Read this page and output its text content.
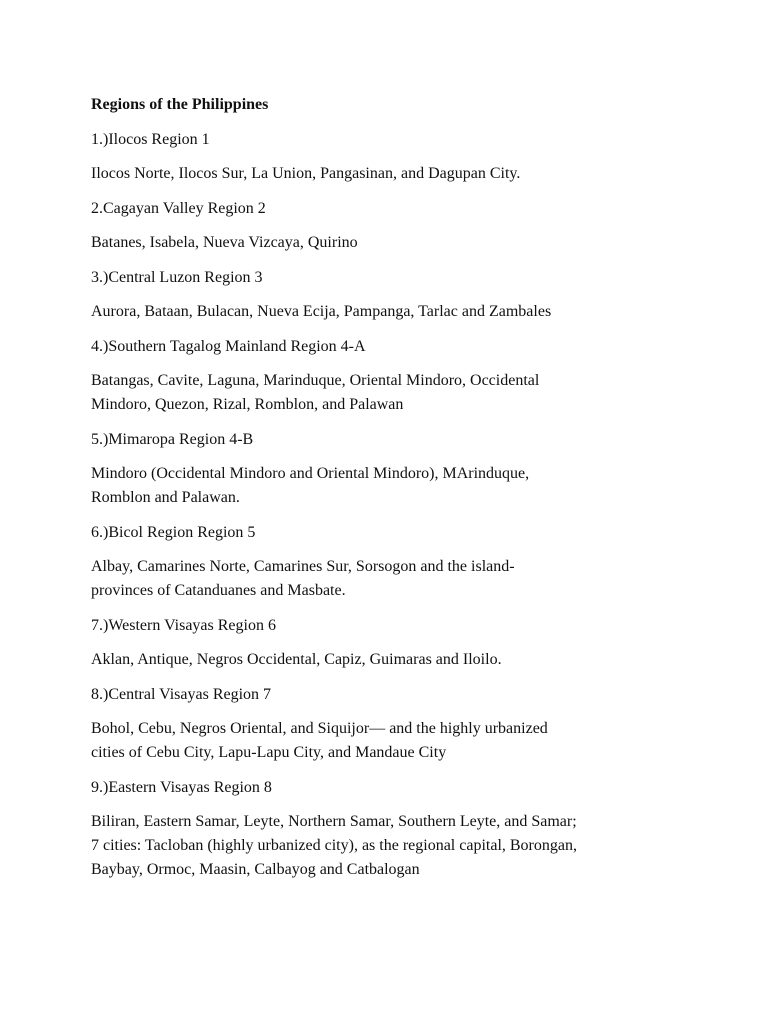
Regions of the Philippines
1.)Ilocos Region 1
Ilocos Norte, Ilocos Sur, La Union, Pangasinan, and Dagupan City.
2.Cagayan Valley Region 2
Batanes, Isabela, Nueva Vizcaya, Quirino
3.)Central Luzon Region 3
Aurora, Bataan, Bulacan, Nueva Ecija, Pampanga, Tarlac and Zambales
4.)Southern Tagalog Mainland Region 4-A
Batangas, Cavite, Laguna, Marinduque, Oriental Mindoro, Occidental
Mindoro, Quezon, Rizal, Romblon, and Palawan
5.)Mimaropa Region 4-B
Mindoro (Occidental Mindoro and Oriental Mindoro), MArinduque,
Romblon and Palawan.
6.)Bicol Region Region 5
Albay, Camarines Norte, Camarines Sur, Sorsogon and the island-
provinces of Catanduanes and Masbate.
7.)Western Visayas Region 6
Aklan, Antique, Negros Occidental, Capiz, Guimaras and Iloilo.
8.)Central Visayas Region 7
Bohol, Cebu, Negros Oriental, and Siquijor— and the highly urbanized
cities of Cebu City, Lapu-Lapu City, and Mandaue City
9.)Eastern Visayas Region 8
Biliran, Eastern Samar, Leyte, Northern Samar, Southern Leyte, and Samar;
7 cities: Tacloban (highly urbanized city), as the regional capital, Borongan,
Baybay, Ormoc, Maasin, Calbayog and Catbalogan
